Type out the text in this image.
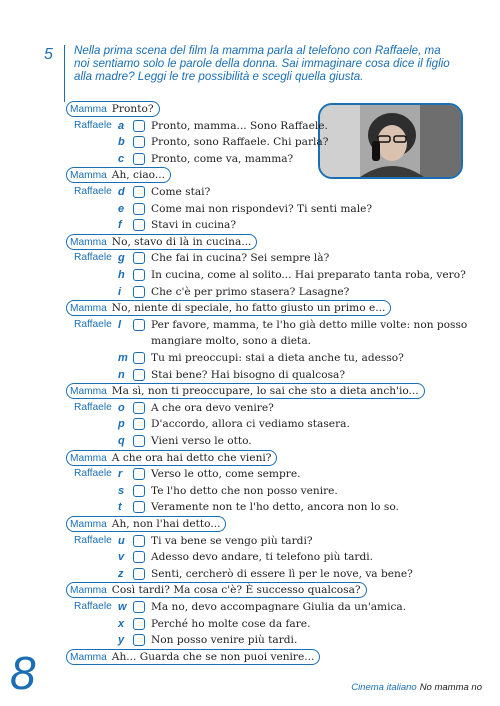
5 Nella prima scena del film la mamma parla al telefono con Raffaele, ma noi sentiamo solo le parole della donna. Sai immaginare cosa dice il figlio alla madre? Leggi le tre possibilità e scegli quella giusta.
Mamma Pronto?
Raffaele a	Pronto, mamma... Sono Raffaele.
b	Pronto, sono Raffaele. Chi parla?
c	Pronto, come va, mamma?
Mamma Ah, ciao...
Raffaele d	Come stai?
e	Come mai non rispondevi? Ti senti male?
f	Stavi in cucina?
Mamma No, stavo di là in cucina...
Raffaele g	Che fai in cucina? Sei sempre là?
h	In cucina, come al solito... Hai preparato tanta roba, vero?
i	Che c'è per primo stasera? Lasagne?
Mamma No, niente di speciale, ho fatto giusto un primo e...
Raffaele l	Per favore, mamma, te l'ho già detto mille volte: non posso
mangiare molto, sono a dieta.
m Tu mi preoccupi: stai a dieta anche tu, adesso?
n	Stai bene? Hai bisogno di qualcosa?
Mamma Ma sì, non ti preoccupare, lo sai che sto a dieta anch'io...
Raffaele o	A che ora devo venire?
p	D'accordo, allora ci vediamo stasera.
q	Vieni verso le otto.
Mamma A che ora hai detto che vieni?
Raffaele r	Verso le otto, come sempre.
s	Te l'ho detto che non posso venire.
t	Veramente non te l'ho detto, ancora non lo so.
Mamma Ah, non l'hai detto...
Raffaele u	Ti va bene se vengo più tardi?
v	Adesso devo andare, ti telefono più tardi.
z	Senti, cercherò di essere lì per le nove, va bene?
Mamma Così tardi? Ma cosa c'è? È successo qualcosa?
Raffaele w	Ma no, devo accompagnare Giulia da un'amica.
x	Perché ho molte cose da fare.
y	Non posso venire più tardi.
Mamma Ah... Guarda che se non puoi venire...
8	Cinema italiano No mamma no
